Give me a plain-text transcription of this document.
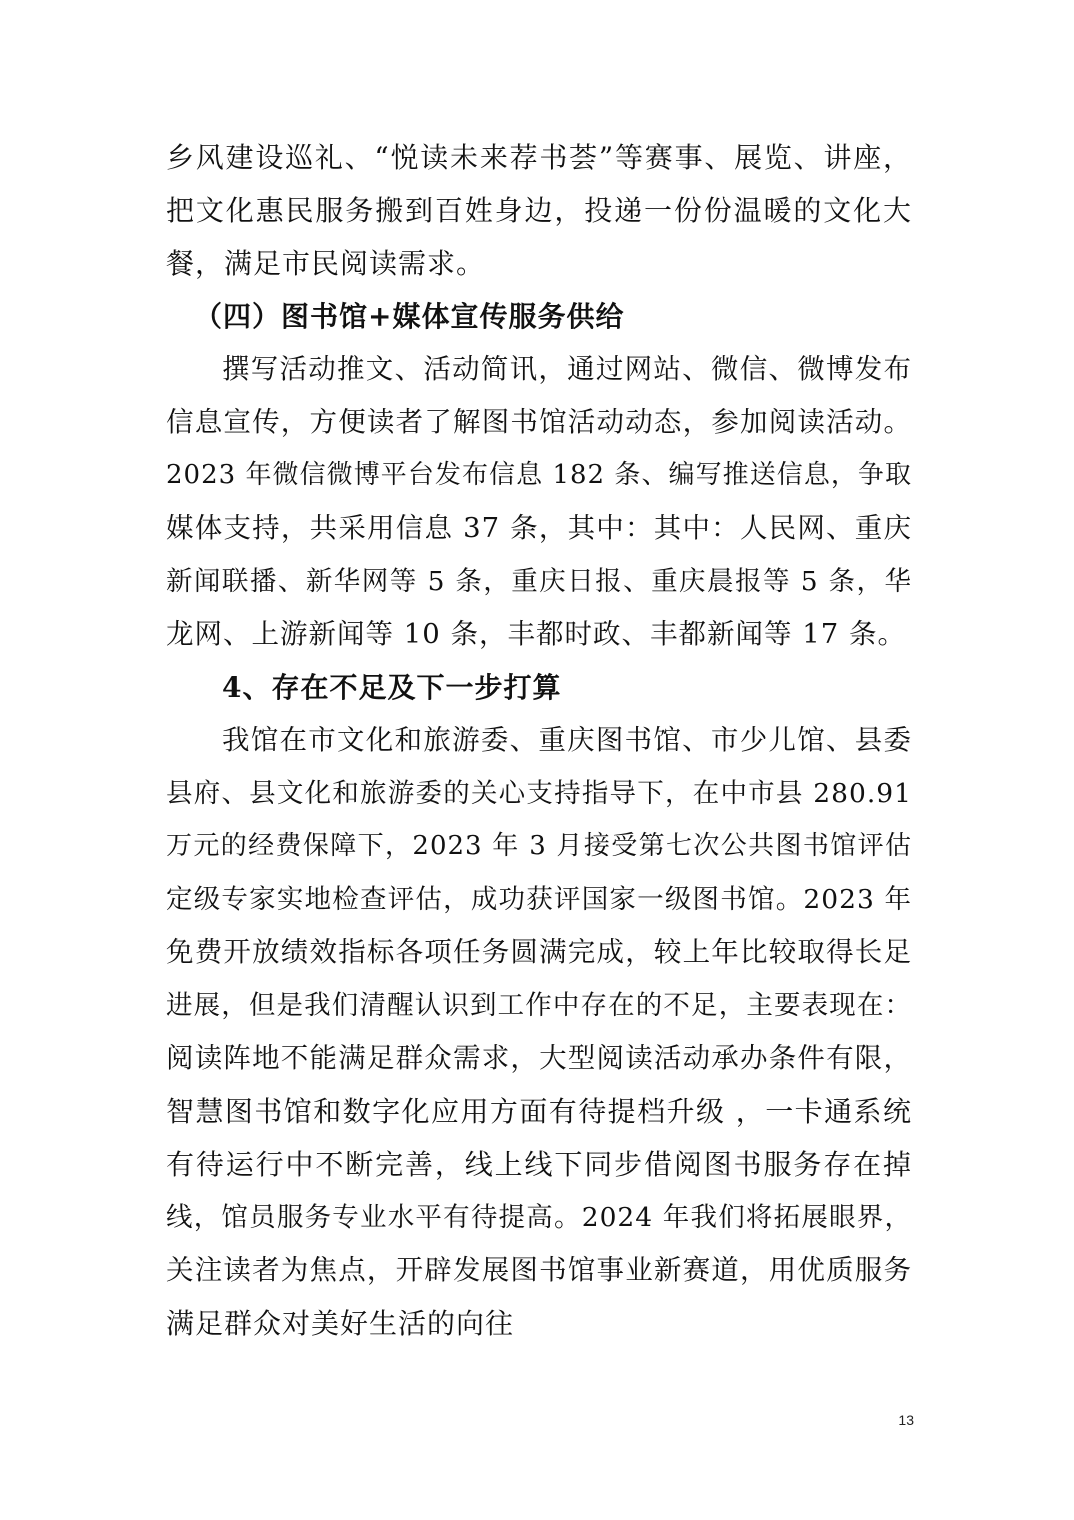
乡风建设巡礼、“悦读未来荐书荟”等赛事、展览、讲座，
把文化惠民服务搬到百姓身边，投递一份份温暖的文化大
餐，满足市民阅读需求。
（四）图书馆+媒体宣传服务供给
撰写活动推文、活动简讯，通过网站、微信、微博发布
信息宣传，方便读者了解图书馆活动动态，参加阅读活动。
2023 年微信微博平台发布信息 182 条、编写推送信息，争取
媒体支持，共采用信息 37 条，其中：其中：人民网、重庆
新闻联播、新华网等 5 条，重庆日报、重庆晨报等 5 条，华
龙网、上游新闻等 10 条，丰都时政、丰都新闻等 17 条。
4、存在不足及下一步打算
我馆在市文化和旅游委、重庆图书馆、市少儿馆、县委
县府、县文化和旅游委的关心支持指导下，在中市县 280.91
万元的经费保障下，2023 年 3 月接受第七次公共图书馆评估
定级专家实地检查评估，成功获评国家一级图书馆。2023 年
免费开放绩效指标各项任务圆满完成，较上年比较取得长足
进展，但是我们清醒认识到工作中存在的不足，主要表现在：
阅读阵地不能满足群众需求，大型阅读活动承办条件有限，
智慧图书馆和数字化应用方面有待提档升级 ，一卡通系统
有待运行中不断完善，线上线下同步借阅图书服务存在掉
线，馆员服务专业水平有待提高。2024 年我们将拓展眼界，
关注读者为焦点，开辟发展图书馆事业新赛道，用优质服务
满足群众对美好生活的向往
13
